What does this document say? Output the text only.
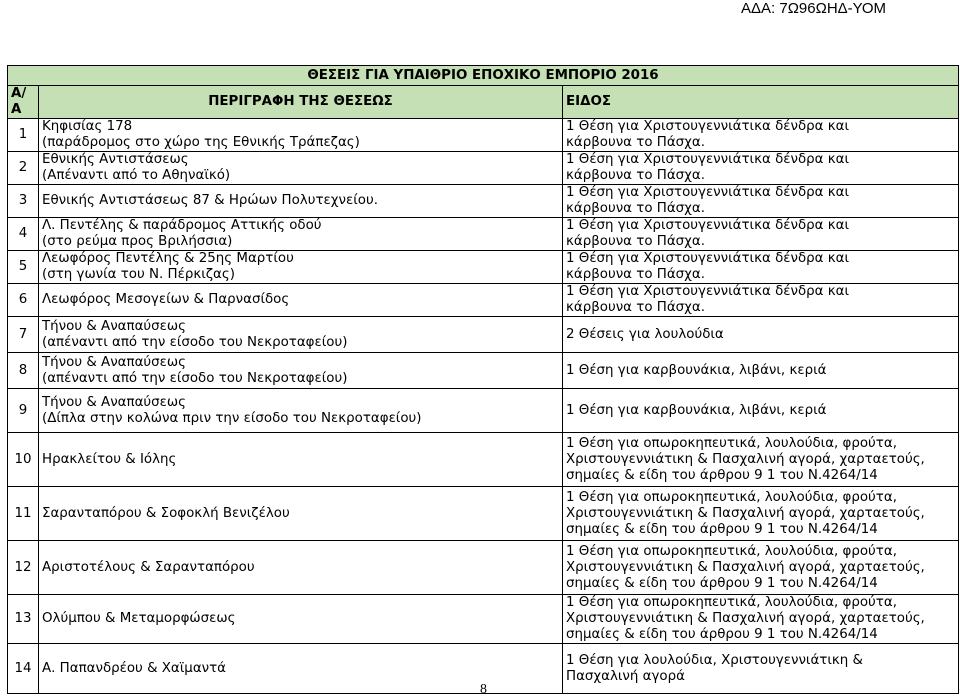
ΑΔΑ: 7Ω96ΩΗΔ-ΥΟΜ
ΘΕΣΕΙΣ ΓΙΑ ΥΠΑΙΘΡΙΟ ΕΠΟΧΙΚΟ ΕΜΠΟΡΙΟ 2016		
Α/Α	ΠΕΡΙΓΡΑΦΗ ΤΗΣ ΘΕΣΕΩΣ	ΕΙΔΟΣ
1	Κηφισίας 178
(παράδρομος στο χώρο της Εθνικής Τράπεζας)	1 Θέση για Χριστουγεννιάτικα δένδρα και
κάρβουνα το Πάσχα.
2	Εθνικής Αντιστάσεως
(Απέναντι από το Αθηναϊκό)	1 Θέση για Χριστουγεννιάτικα δένδρα και
κάρβουνα το Πάσχα.
3	Εθνικής Αντιστάσεως 87 & Ηρώων Πολυτεχνείου.	1 Θέση για Χριστουγεννιάτικα δένδρα και
κάρβουνα το Πάσχα.
4	Λ. Πεντέλης & παράδρομος Αττικής οδού
(στο ρεύμα προς Βριλήσσια)	1 Θέση για Χριστουγεννιάτικα δένδρα και
κάρβουνα το Πάσχα.
5	Λεωφόρος Πεντέλης & 25ης Μαρτίου
(στη γωνία του Ν. Πέρκιζας)	1 Θέση για Χριστουγεννιάτικα δένδρα και
κάρβουνα το Πάσχα.
6	Λεωφόρος Μεσογείων & Παρνασίδος	1 Θέση για Χριστουγεννιάτικα δένδρα και
κάρβουνα το Πάσχα.
7	Τήνου & Αναπαύσεως
(απέναντι από την είσοδο του Νεκροταφείου)	2 Θέσεις για λουλούδια
8	Τήνου & Αναπαύσεως
(απέναντι από την είσοδο του Νεκροταφείου)	1 Θέση για καρβουνάκια, λιβάνι, κεριά
9	Τήνου & Αναπαύσεως
(Δίπλα στην κολώνα πριν την είσοδο του Νεκροταφείου)	1 Θέση για καρβουνάκια, λιβάνι, κεριά
10	Ηρακλείτου & Ιόλης	1 Θέση για οπωροκηπευτικά, λουλούδια, φρούτα,
Χριστουγεννιάτικη & Πασχαλινή αγορά, χαρταετούς,
σημαίες & είδη του άρθρου 9 1 του Ν.4264/14
11	Σαρανταπόρου & Σοφοκλή Βενιζέλου	1 Θέση για οπωροκηπευτικά, λουλούδια, φρούτα,
Χριστουγεννιάτικη & Πασχαλινή αγορά, χαρταετούς,
σημαίες & είδη του άρθρου 9 1 του Ν.4264/14
12	Αριστοτέλους & Σαρανταπόρου	1 Θέση για οπωροκηπευτικά, λουλούδια, φρούτα,
Χριστουγεννιάτικη & Πασχαλινή αγορά, χαρταετούς,
σημαίες & είδη του άρθρου 9 1 του Ν.4264/14
13	Ολύμπου & Μεταμορφώσεως	1 Θέση για οπωροκηπευτικά, λουλούδια, φρούτα,
Χριστουγεννιάτικη & Πασχαλινή αγορά, χαρταετούς,
σημαίες & είδη του άρθρου 9 1 του Ν.4264/14
14	Α. Παπανδρέου & Χαϊμαντά	1 Θέση για λουλούδια, Χριστουγεννιάτικη &
Πασχαλινή αγορά
8
